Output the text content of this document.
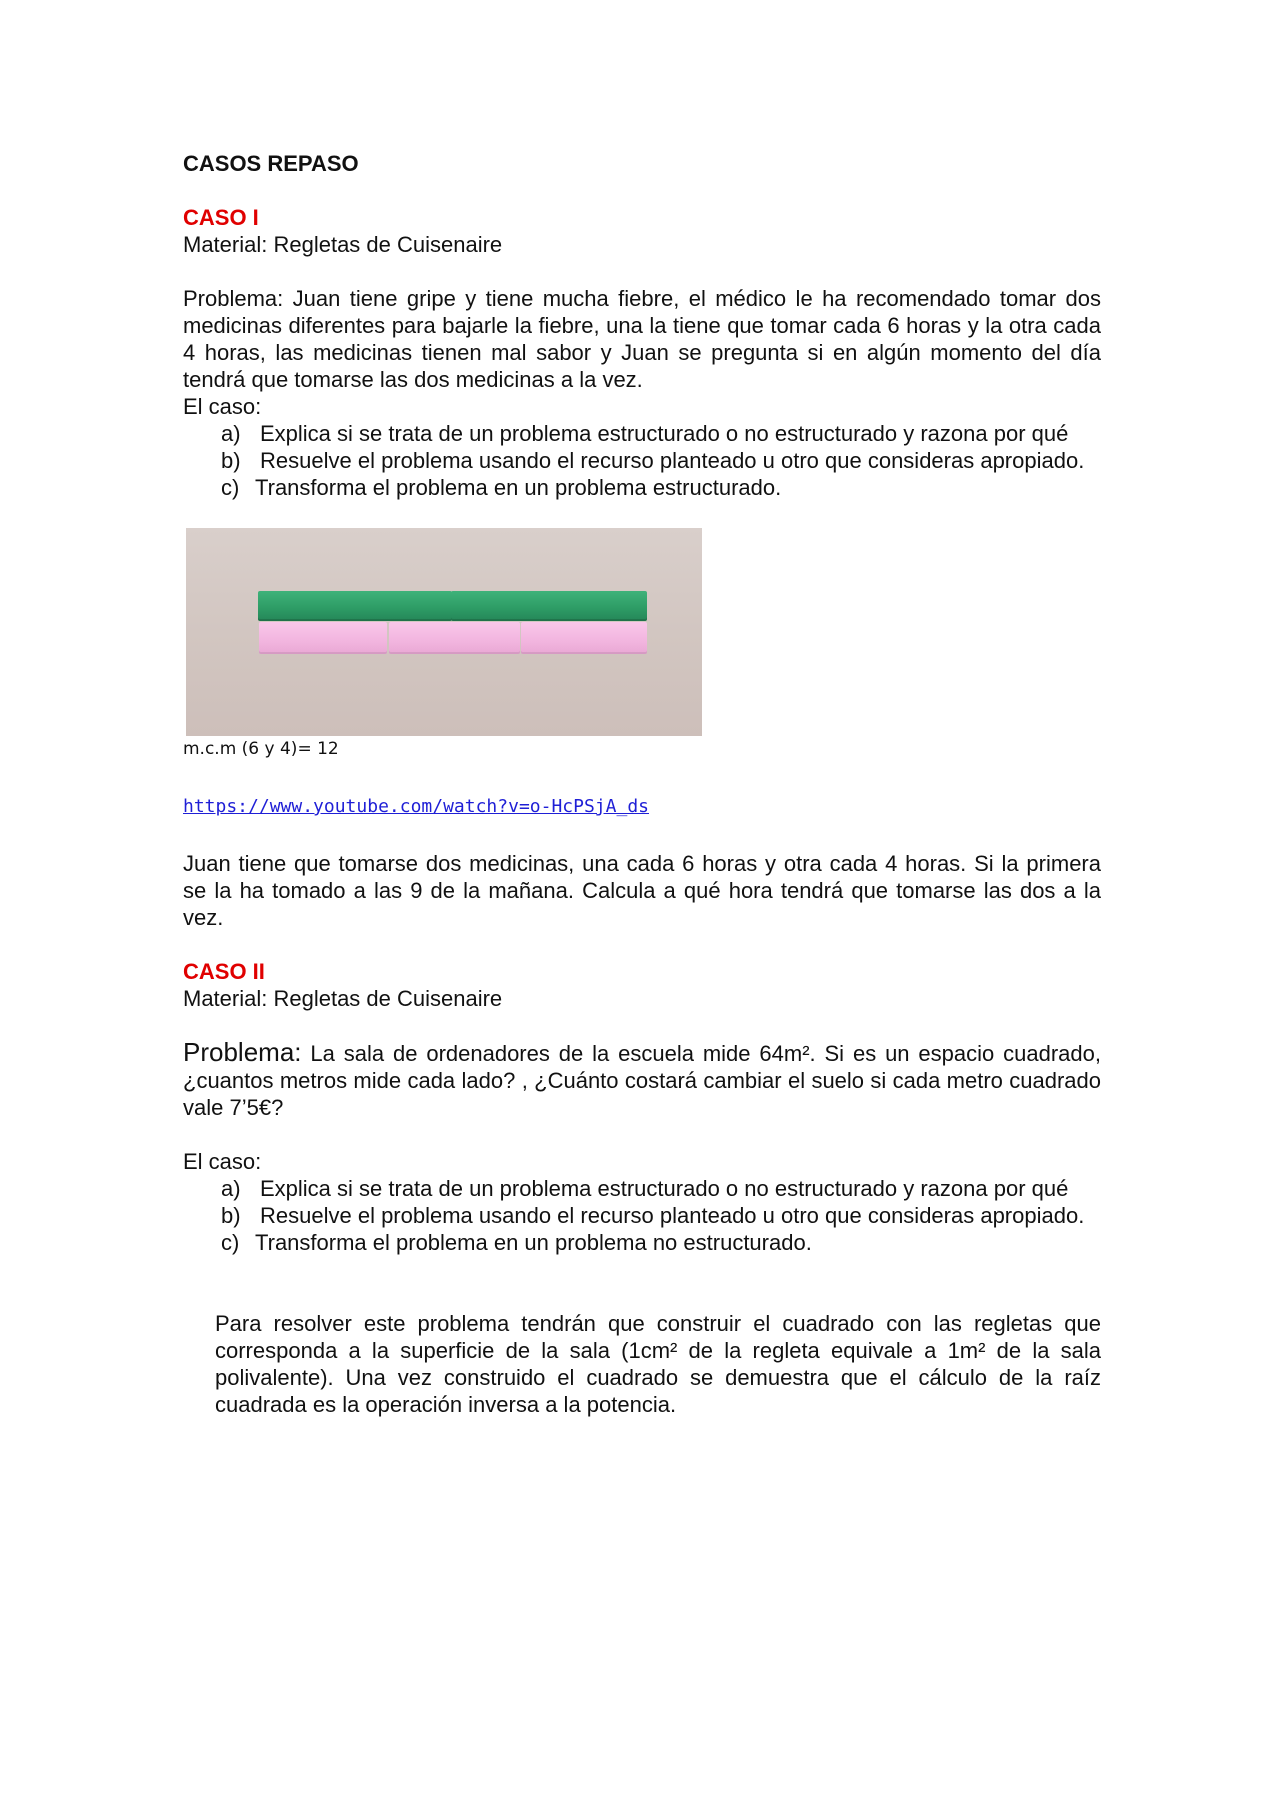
CASOS REPASO

CASO I

Material: Regletas de Cuisenaire

Problema: Juan tiene gripe y tiene mucha fiebre, el médico le ha recomendado tomar dos medicinas diferentes para bajarle la fiebre, una la tiene que tomar cada 6 horas y la otra cada 4 horas, las medicinas tienen mal sabor y Juan se pregunta si en algún momento del día tendrá que tomarse las dos medicinas a la vez.

El caso:

a) Explica si se trata de un problema estructurado o no estructurado y razona por qué
b) Resuelve el problema usando el recurso planteado u otro que consideras apropiado.
c) Transforma el problema en un problema estructurado.

m.c.m (6 y 4)= 12

https://www.youtube.com/watch?v=o-HcPSjA_ds

Juan tiene que tomarse dos medicinas, una cada 6 horas y otra cada 4 horas. Si la primera se la ha tomado a las 9 de la mañana. Calcula a qué hora tendrá que tomarse las dos a la vez.

CASO II

Material: Regletas de Cuisenaire

Problema: La sala de ordenadores de la escuela mide 64m². Si es un espacio cuadrado, ¿cuantos metros mide cada lado? , ¿Cuánto costará cambiar el suelo si cada metro cuadrado vale 7’5€?

El caso:

a) Explica si se trata de un problema estructurado o no estructurado y razona por qué
b) Resuelve el problema usando el recurso planteado u otro que consideras apropiado.
c) Transforma el problema en un problema no estructurado.

Para resolver este problema tendrán que construir el cuadrado con las regletas que corresponda a la superficie de la sala (1cm² de la regleta equivale a 1m² de la sala polivalente). Una vez construido el cuadrado se demuestra que el cálculo de la raíz cuadrada es la operación inversa a la potencia.
